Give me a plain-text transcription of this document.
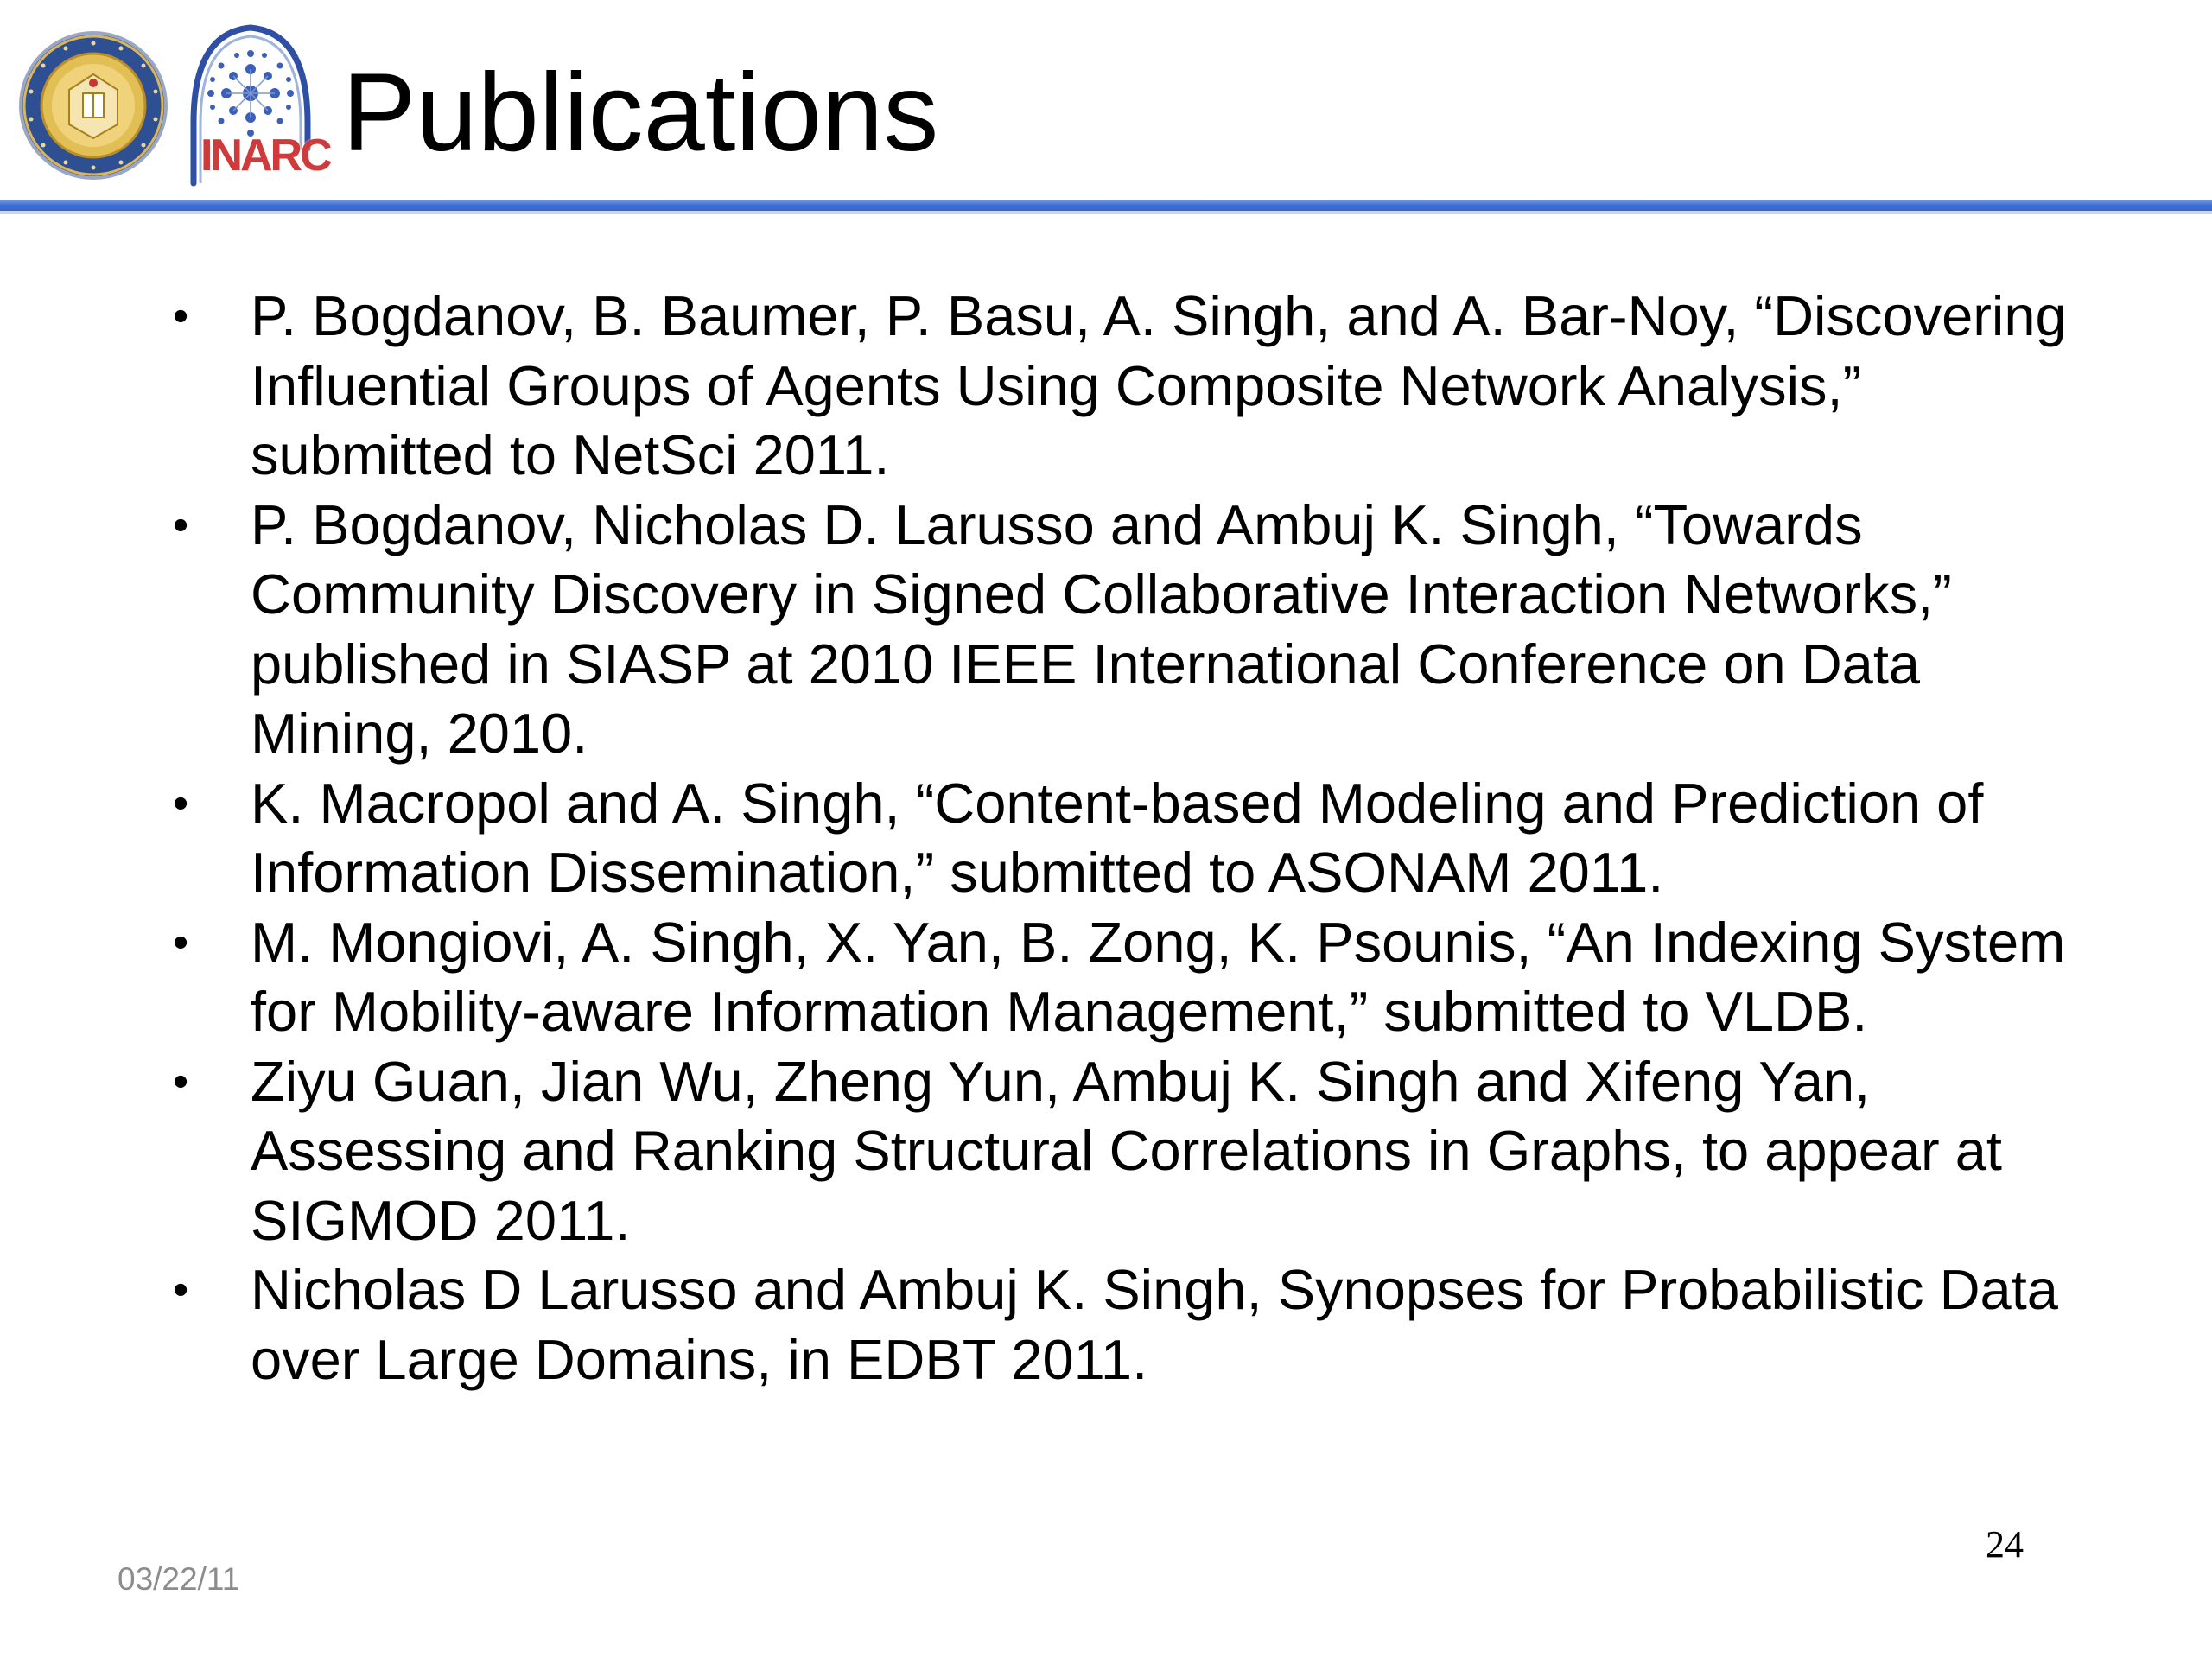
INARC Publications
• P. Bogdanov, B. Baumer, P. Basu, A. Singh, and A. Bar-Noy, “Discovering Influential Groups of Agents Using Composite Network Analysis,” submitted to NetSci 2011.
• P. Bogdanov, Nicholas D. Larusso and Ambuj K. Singh, “Towards Community Discovery in Signed Collaborative Interaction Networks,” published in SIASP at 2010 IEEE International Conference on Data Mining, 2010.
• K. Macropol and A. Singh, “Content-based Modeling and Prediction of Information Dissemination,” submitted to ASONAM 2011.
• M. Mongiovi, A. Singh, X. Yan, B. Zong, K. Psounis, “An Indexing System for Mobility-aware Information Management,” submitted to VLDB.
• Ziyu Guan, Jian Wu, Zheng Yun, Ambuj K. Singh and Xifeng Yan, Assessing and Ranking Structural Correlations in Graphs, to appear at SIGMOD 2011.
• Nicholas D Larusso and Ambuj K. Singh, Synopses for Probabilistic Data over Large Domains, in EDBT 2011.
24
03/22/11
